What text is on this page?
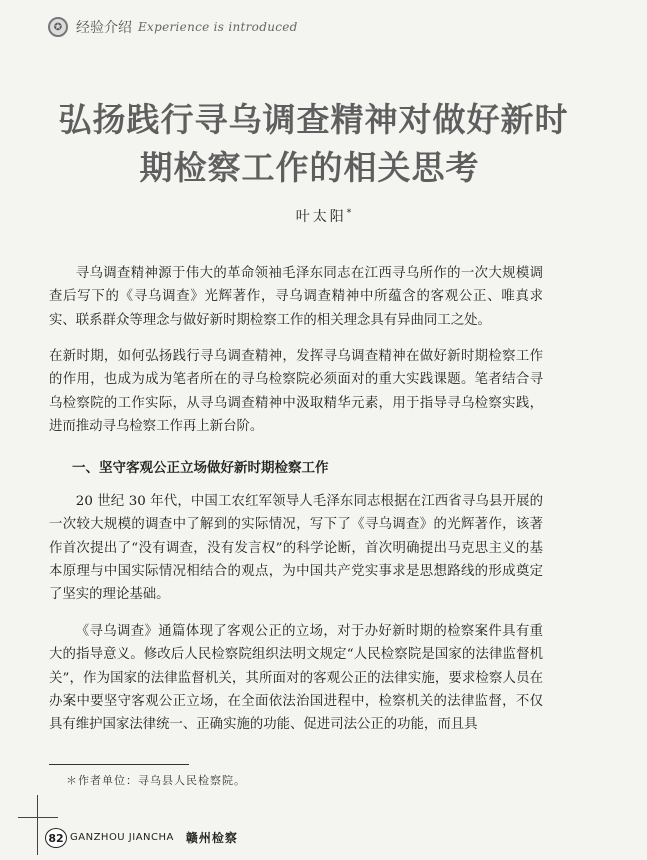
✪ 经验介绍 Experience is introduced
弘扬践行寻乌调查精神对做好新时
期检察工作的相关思考
叶太阳*
寻乌调查精神源于伟大的革命领袖毛泽东同志在江西寻乌所作的一次大规模调查后写下的《寻乌调查》光辉著作，寻乌调查精神中所蕴含的客观公正、唯真求实、联系群众等理念与做好新时期检察工作的相关理念具有异曲同工之处。
在新时期，如何弘扬践行寻乌调查精神，发挥寻乌调查精神在做好新时期检察工作的作用，也成为成为笔者所在的寻乌检察院必须面对的重大实践课题。笔者结合寻乌检察院的工作实际，从寻乌调查精神中汲取精华元素，用于指导寻乌检察实践，进而推动寻乌检察工作再上新台阶。
一、坚守客观公正立场做好新时期检察工作
20 世纪 30 年代，中国工农红军领导人毛泽东同志根据在江西省寻乌县开展的一次较大规模的调查中了解到的实际情况，写下了《寻乌调查》的光辉著作，该著作首次提出了“没有调查，没有发言权”的科学论断，首次明确提出马克思主义的基本原理与中国实际情况相结合的观点，为中国共产党实事求是思想路线的形成奠定了坚实的理论基础。
《寻乌调查》通篇体现了客观公正的立场，对于办好新时期的检察案件具有重大的指导意义。修改后人民检察院组织法明文规定“人民检察院是国家的法律监督机关”，作为国家的法律监督机关，其所面对的客观公正的法律实施，要求检察人员在办案中要坚守客观公正立场，在全面依法治国进程中，检察机关的法律监督，不仅具有维护国家法律统一、正确实施的功能、促进司法公正的功能，而且具
＊作者单位：寻乌县人民检察院。
82 GANZHOU JIANCHA 赣州检察
